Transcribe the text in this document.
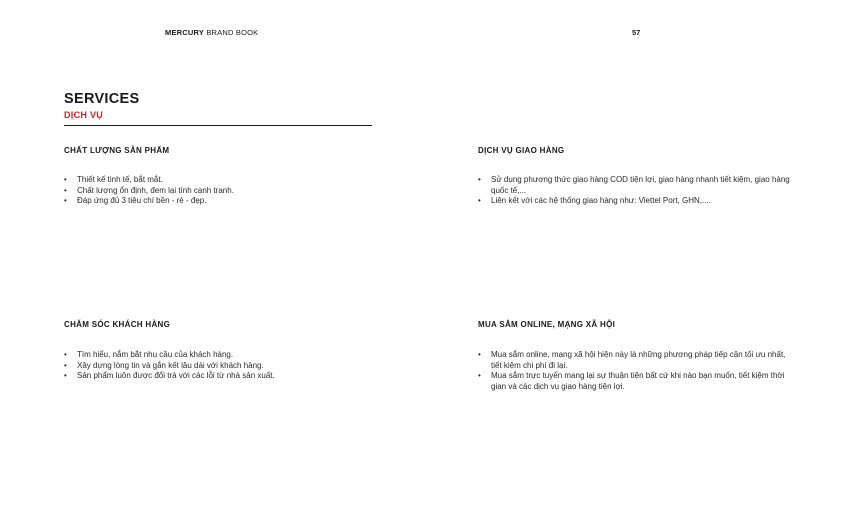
MERCURY BRAND BOOK	57
SERVICES
DỊCH VỤ
CHẤT LƯỢNG SẢN PHẨM
• Thiết kế tinh tế, bắt mắt.
• Chất lượng ổn định, đem lại tính cạnh tranh.
• Đáp ứng đủ 3 tiêu chí bền - rẻ - đẹp.
DỊCH VỤ GIAO HÀNG
• Sử dụng phương thức giao hàng COD tiện lợi, giao hàng nhanh tiết kiệm, giao hàng quốc tế,...
• Liên kết với các hệ thống giao hàng như: Viettel Port, GHN,....
CHĂM SÓC KHÁCH HÀNG
• Tìm hiểu, nắm bắt nhu cầu của khách hàng.
• Xây dựng lòng tin và gắn kết lâu dài với khách hàng.
• Sản phẩm luôn được đổi trả với các lỗi từ nhà sản xuất.
MUA SẮM ONLINE, MẠNG XÃ HỘI
• Mua sắm online, mạng xã hội hiện này là những phương pháp tiếp cận tối ưu nhất, tiết kiệm chi phí đi lại.
• Mua sắm trực tuyến mang lại sự thuận tiện bất cứ khi nào bạn muốn, tiết kiệm thời gian và các dịch vụ giao hàng tiện lợi.
